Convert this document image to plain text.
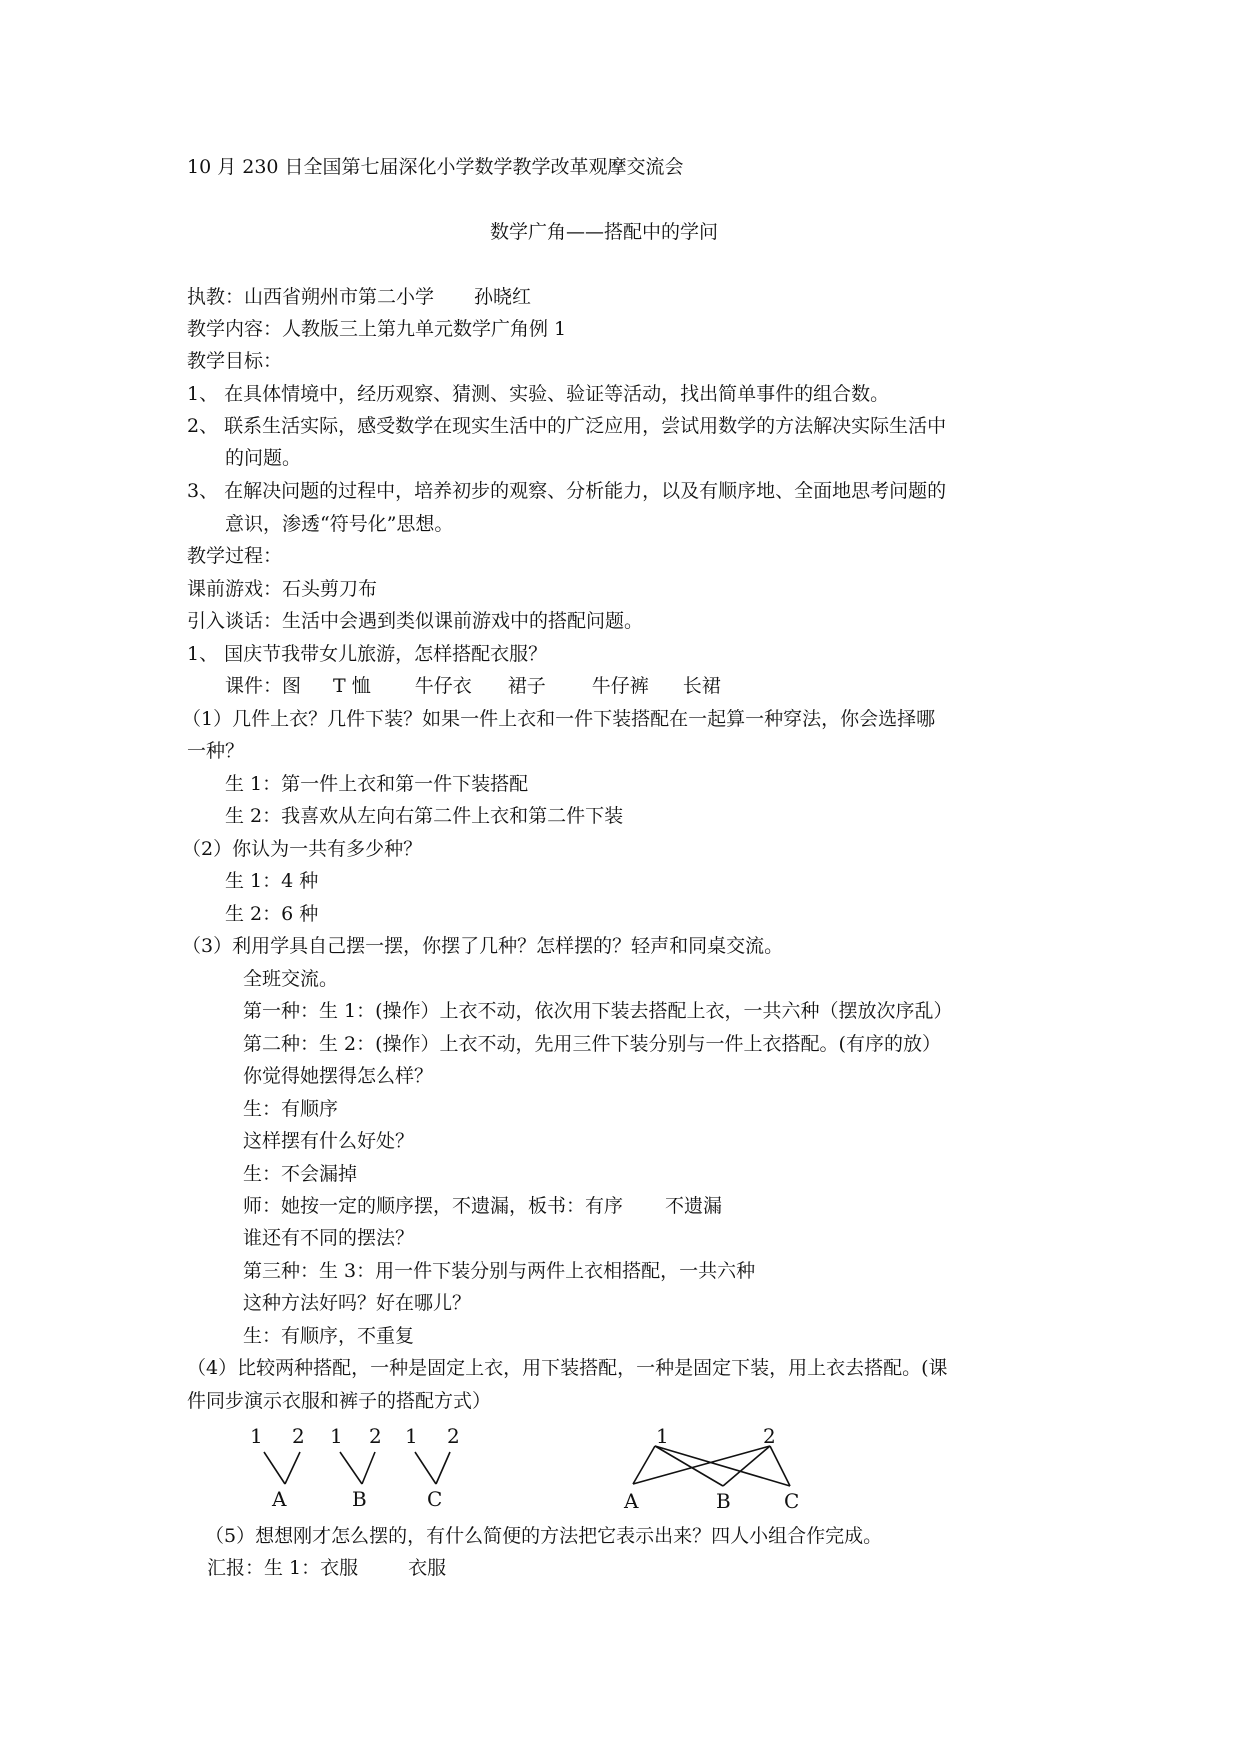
10 月 230 日全国第七届深化小学数学教学改革观摩交流会
数学广角——搭配中的学问
执教：山西省朔州市第二小学 孙晓红
教学内容：人教版三上第九单元数学广角例 1
教学目标：
1、 在具体情境中，经历观察、猜测、实验、验证等活动，找出简单事件的组合数。
2、 联系生活实际，感受数学在现实生活中的广泛应用，尝试用数学的方法解决实际生活中
的问题。
3、 在解决问题的过程中，培养初步的观察、分析能力，以及有顺序地、全面地思考问题的
意识，渗透“符号化”思想。
教学过程：
课前游戏：石头剪刀布
引入谈话：生活中会遇到类似课前游戏中的搭配问题。
1、 国庆节我带女儿旅游，怎样搭配衣服？
课件：图 T 恤 牛仔衣 裙子 牛仔裤 长裙
（1）几件上衣？几件下装？如果一件上衣和一件下装搭配在一起算一种穿法，你会选择哪
一种？
生 1：第一件上衣和第一件下装搭配
生 2：我喜欢从左向右第二件上衣和第二件下装
（2）你认为一共有多少种？
生 1：4 种
生 2：6 种
（3）利用学具自己摆一摆，你摆了几种？怎样摆的？轻声和同桌交流。
全班交流。
第一种：生 1：(操作）上衣不动，依次用下装去搭配上衣，一共六种（摆放次序乱）
第二种：生 2：(操作）上衣不动，先用三件下装分别与一件上衣搭配。(有序的放）
你觉得她摆得怎么样？
生：有顺序
这样摆有什么好处？
生：不会漏掉
师：她按一定的顺序摆，不遗漏，板书：有序 不遗漏
谁还有不同的摆法？
第三种：生 3：用一件下装分别与两件上衣相搭配，一共六种
这种方法好吗？好在哪儿？
生：有顺序，不重复
（4）比较两种搭配，一种是固定上衣，用下装搭配，一种是固定下装，用上衣去搭配。(课
件同步演示衣服和裤子的搭配方式）
1 2 1 2 1 2
A	B	C
1	2
A	B	C
（5）想想刚才怎么摆的，有什么简便的方法把它表示出来？四人小组合作完成。
汇报：生 1：衣服	衣服
